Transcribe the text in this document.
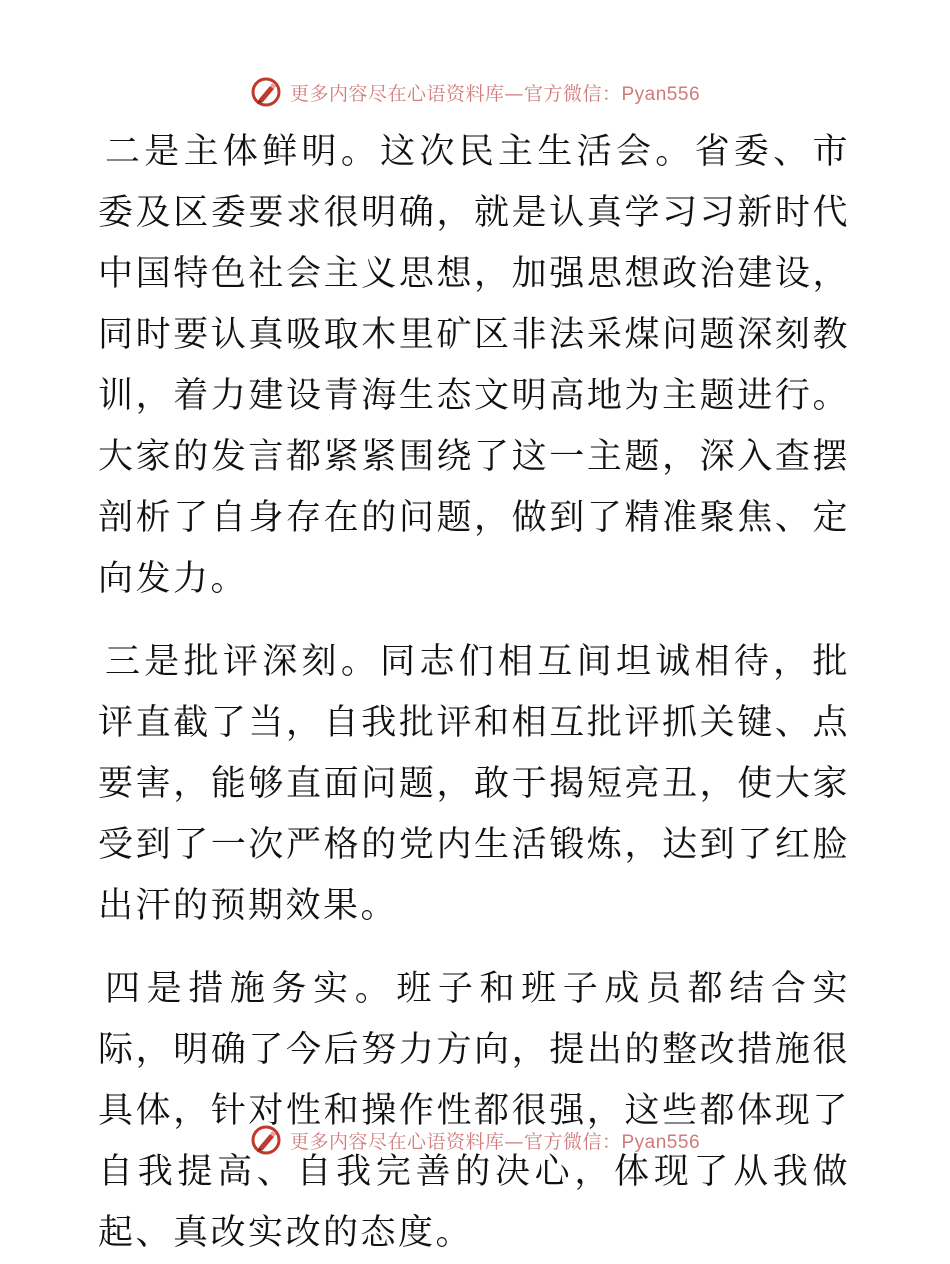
更多内容尽在心语资料库—官方微信：Pyan556

二是主体鲜明。这次民主生活会。省委、市委及区委要求很明确，就是认真学习习新时代中国特色社会主义思想，加强思想政治建设，同时要认真吸取木里矿区非法采煤问题深刻教训，着力建设青海生态文明高地为主题进行。大家的发言都紧紧围绕了这一主题，深入查摆剖析了自身存在的问题，做到了精准聚焦、定向发力。

三是批评深刻。同志们相互间坦诚相待，批评直截了当，自我批评和相互批评抓关键、点要害，能够直面问题，敢于揭短亮丑，使大家受到了一次严格的党内生活锻炼，达到了红脸出汗的预期效果。

四是措施务实。班子和班子成员都结合实际，明确了今后努力方向，提出的整改措施很具体，针对性和操作性都很强，这些都体现了自我提高、自我完善的决心，体现了从我做起、真改实改的态度。

更多内容尽在心语资料库—官方微信：Pyan556
